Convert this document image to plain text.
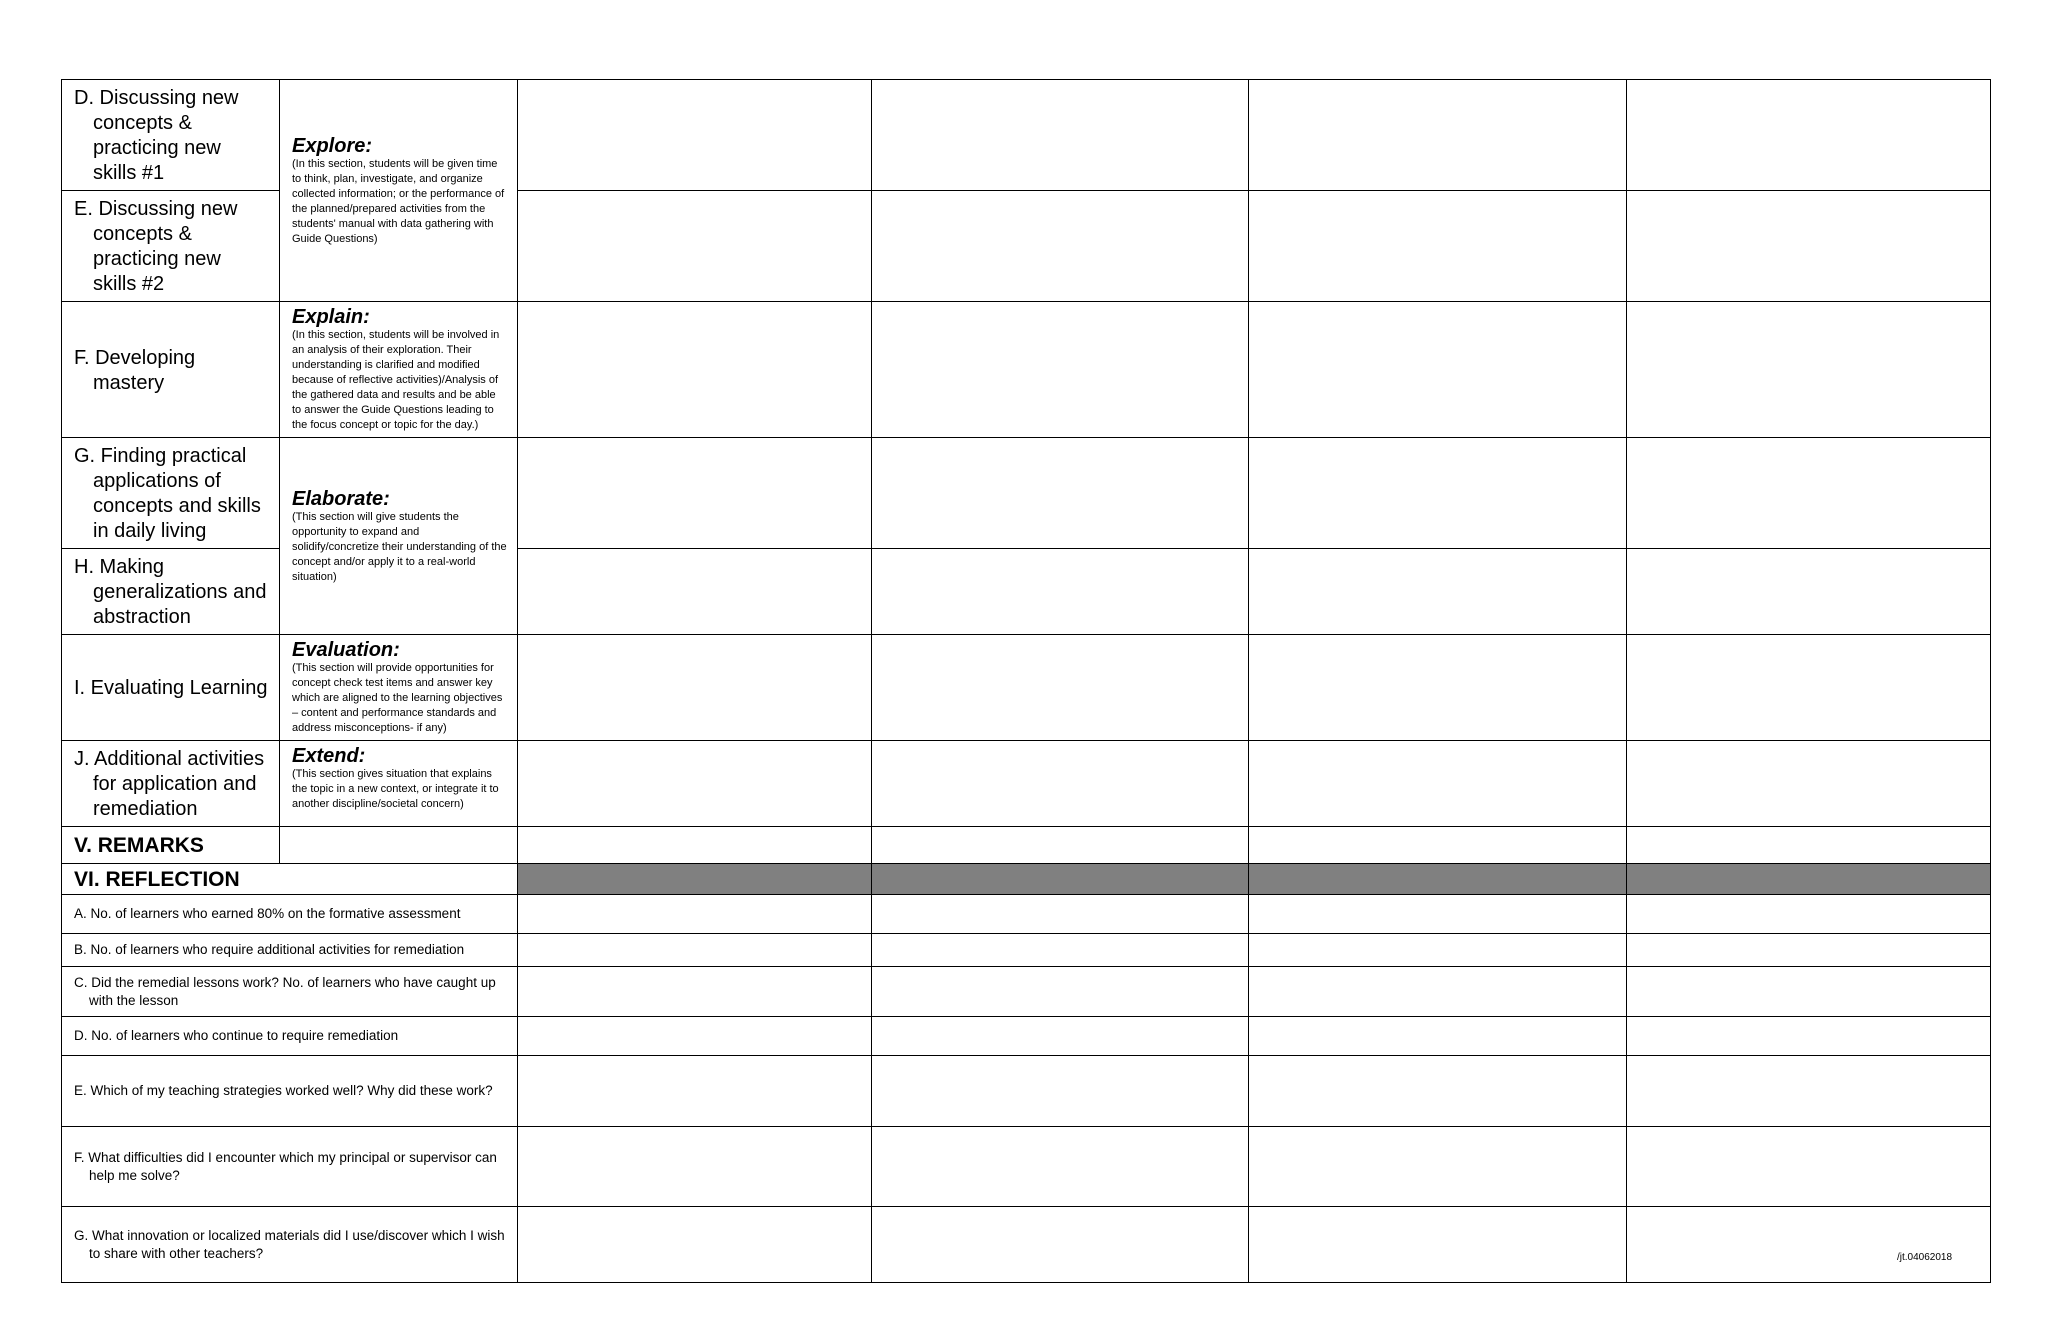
D. Discussing new concepts & practicing new skills #1	Explore:
(In this section, students will be given time to think, plan, investigate, and organize collected information; or the performance of the planned/prepared activities from the students' manual with data gathering with Guide Questions)				

E. Discussing new concepts & practicing new skills #2					

F. Developing mastery	Explain:
(In this section, students will be involved in an analysis of their exploration. Their understanding is clarified and modified because of reflective activities)/Analysis of the gathered data and results and be able to answer the Guide Questions leading to the focus concept or topic for the day.)				

G. Finding practical applications of concepts and skills in daily living	Elaborate:
(This section will give students the opportunity to expand and solidify/concretize their understanding of the concept and/or apply it to a real-world situation)				

H. Making generalizations and abstraction					

I. Evaluating Learning	Evaluation:
(This section will provide opportunities for concept check test items and answer key which are aligned to the learning objectives – content and performance standards and address misconceptions- if any)				

J. Additional activities for application and remediation	Extend:
(This section gives situation that explains the topic in a new context, or integrate it to another discipline/societal concern)				

V. REMARKS					
VI. REFLECTION					

A. No. of learners who earned 80% on the formative assessment					

B. No. of learners who require additional activities for remediation					

C. Did the remedial lessons work? No. of learners who have caught up with the lesson					

D. No. of learners who continue to require remediation					

E. Which of my teaching strategies worked well? Why did these work?					

F. What difficulties did I encounter which my principal or supervisor can help me solve?					

G. What innovation or localized materials did I use/discover which I wish to share with other teachers?					
					/jt.04062018
